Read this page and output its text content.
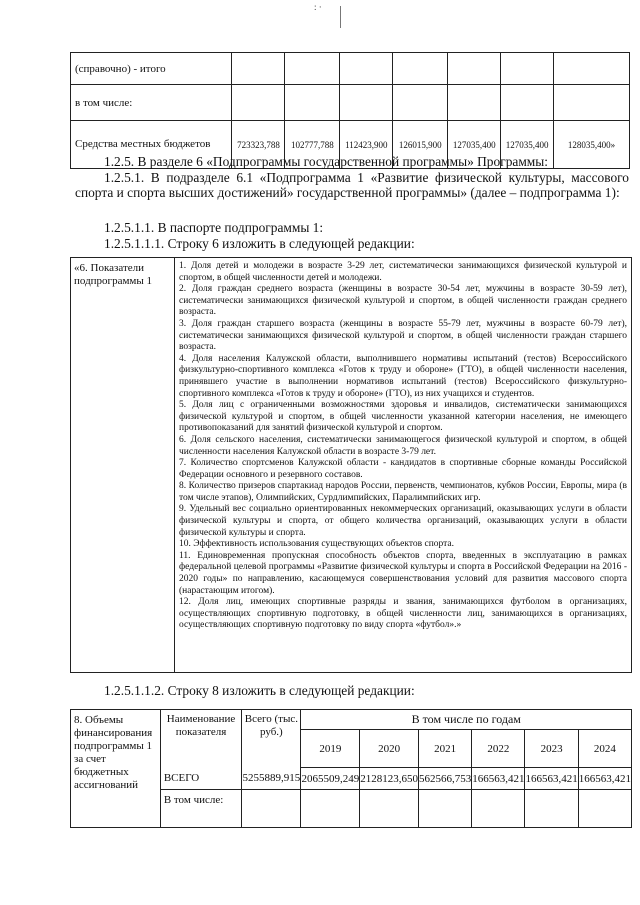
: ·
(справочно) - итого							
в том числе:							
Средства местных бюджетов	723323,788	102777,788	112423,900	126015,900	127035,400	127035,400	128035,400»
1.2.5. В разделе 6 «Подпрограммы государственной программы» Программы:
1.2.5.1. В подразделе 6.1 «Подпрограмма 1 «Развитие физической культуры, массового спорта и спорта высших достижений» государственной программы» (далее – подпрограмма 1):
1.2.5.1.1. В паспорте подпрограммы 1:
1.2.5.1.1.1. Строку 6 изложить в следующей редакции:
«6. Показатели подпрограммы 1	
1. Доля детей и молодежи в возрасте 3-29 лет, систематически занимающихся физической культурой и спортом, в общей численности детей и молодежи.
2. Доля граждан среднего возраста (женщины в возрасте 30-54 лет, мужчины в возрасте 30-59 лет), систематически занимающихся физической культурой и спортом, в общей численности граждан среднего возраста.
3. Доля граждан старшего возраста (женщины в возрасте 55-79 лет, мужчины в возрасте 60-79 лет), систематически занимающихся физической культурой и спортом, в общей численности граждан старшего возраста.
4. Доля населения Калужской области, выполнившего нормативы испытаний (тестов) Всероссийского физкультурно-спортивного комплекса «Готов к труду и обороне» (ГТО), в общей численности населения, принявшего участие в выполнении нормативов испытаний (тестов) Всероссийского физкультурно-спортивного комплекса «Готов к труду и обороне» (ГТО), из них учащихся и студентов.
5. Доля лиц с ограниченными возможностями здоровья и инвалидов, систематически занимающихся физической культурой и спортом, в общей численности указанной категории населения, не имеющего противопоказаний для занятий физической культурой и спортом.
6. Доля сельского населения, систематически занимающегося физической культурой и спортом, в общей численности населения Калужской области в возрасте 3-79 лет.
7. Количество спортсменов Калужской области - кандидатов в спортивные сборные команды Российской Федерации основного и резервного составов.
8. Количество призеров спартакиад народов России, первенств, чемпионатов, кубков России, Европы, мира (в том числе этапов), Олимпийских, Сурдлимпийских, Паралимпийских игр.
9. Удельный вес социально ориентированных некоммерческих организаций, оказывающих услуги в области физической культуры и спорта, от общего количества организаций, оказывающих услуги в области физической культуры и спорта.
10. Эффективность использования существующих объектов спорта.
11. Единовременная пропускная способность объектов спорта, введенных в эксплуатацию в рамках федеральной целевой программы «Развитие физической культуры и спорта в Российской Федерации на 2016 - 2020 годы» по направлению, касающемуся совершенствования условий для развития массового спорта (нарастающим итогом).
12. Доля лиц, имеющих спортивные разряды и звания, занимающихся футболом в организациях, осуществляющих спортивную подготовку, в общей численности лиц, занимающихся в организациях, осуществляющих спортивную подготовку по виду спорта «футбол».»
1.2.5.1.1.2. Строку 8 изложить в следующей редакции:
8. Объемы финансирования подпрограммы 1 за счет бюджетных ассигнований	Наименование показателя	Всего (тыс. руб.)	В том числе по годам					
			2019	2020	2021	2022	2023	2024
	ВСЕГО	5255889,915	2065509,249	2128123,650	562566,753	166563,421	166563,421	166563,421
	В том числе:							
